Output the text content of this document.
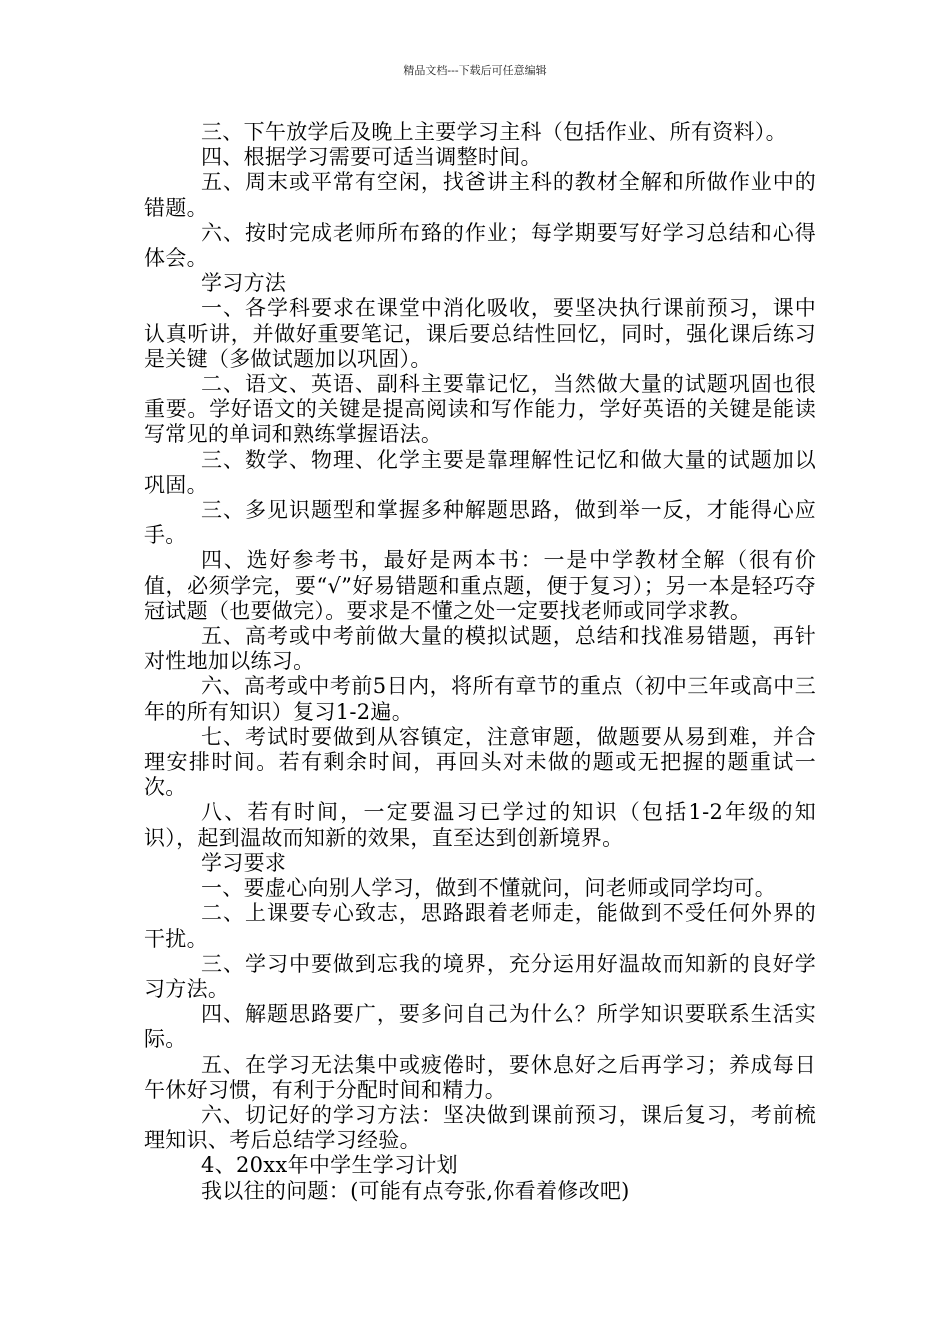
精品文档---下载后可任意编辑

三、下午放学后及晚上主要学习主科（包括作业、所有资料）。

四、根据学习需要可适当调整时间。

五、周末或平常有空闲，找爸讲主科的教材全解和所做作业中的错题。

六、按时完成老师所布臵的作业；每学期要写好学习总结和心得体会。

学习方法

一、各学科要求在课堂中消化吸收，要坚决执行课前预习，课中认真听讲，并做好重要笔记，课后要总结性回忆，同时，强化课后练习是关键（多做试题加以巩固）。

二、语文、英语、副科主要靠记忆，当然做大量的试题巩固也很重要。学好语文的关键是提高阅读和写作能力，学好英语的关键是能读写常见的单词和熟练掌握语法。

三、数学、物理、化学主要是靠理解性记忆和做大量的试题加以巩固。

三、多见识题型和掌握多种解题思路，做到举一反，才能得心应手。

四、选好参考书，最好是两本书：一是中学教材全解（很有价值，必须学完，要“√”好易错题和重点题，便于复习）；另一本是轻巧夺冠试题（也要做完）。要求是不懂之处一定要找老师或同学求教。

五、高考或中考前做大量的模拟试题，总结和找准易错题，再针对性地加以练习。

六、高考或中考前5日内，将所有章节的重点（初中三年或高中三年的所有知识）复习1-2遍。

七、考试时要做到从容镇定，注意审题，做题要从易到难，并合理安排时间。若有剩余时间，再回头对未做的题或无把握的题重试一次。

八、若有时间，一定要温习已学过的知识（包括1-2年级的知识），起到温故而知新的效果，直至达到创新境界。

学习要求

一、要虚心向别人学习，做到不懂就问，问老师或同学均可。

二、上课要专心致志，思路跟着老师走，能做到不受任何外界的干扰。

三、学习中要做到忘我的境界，充分运用好温故而知新的良好学习方法。

四、解题思路要广，要多问自己为什么？所学知识要联系生活实际。

五、在学习无法集中或疲倦时，要休息好之后再学习；养成每日午休好习惯，有利于分配时间和精力。

六、切记好的学习方法：坚决做到课前预习，课后复习，考前梳理知识、考后总结学习经验。

4、20xx年中学生学习计划

我以往的问题：(可能有点夸张,你看着修改吧)
